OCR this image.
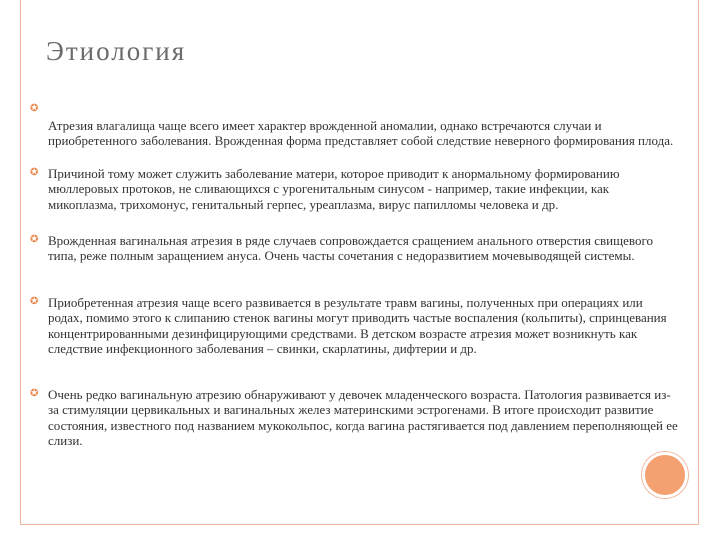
Этиология
✪
✪
✪
✪
✪
Атрезия влагалища чаще всего имеет характер врожденной аномалии, однако встречаются случаи и приобретенного заболевания. Врожденная форма представляет собой следствие неверного формирования плода.
Причиной тому может служить заболевание матери, которое приводит к анормальному формированию мюллеровых протоков, не сливающихся с урогенитальным синусом - например, такие инфекции, как микоплазма, трихомонус, генитальный герпес, уреаплазма, вирус папилломы человека и др.
Врожденная вагинальная атрезия в ряде случаев сопровождается сращением анального отверстия свищевого типа, реже полным заращением ануса. Очень часты сочетания с недоразвитием мочевыводящей системы.
Приобретенная атрезия чаще всего развивается в результате травм вагины, полученных при операциях или родах, помимо этого к слипанию стенок вагины могут приводить частые воспаления (кольпиты), спринцевания концентрированными дезинфицирующими средствами. В детском возрасте атрезия может возникнуть как следствие инфекционного заболевания – свинки, скарлатины, дифтерии и др.
Очень редко вагинальную атрезию обнаруживают у девочек младенческого возраста. Патология развивается из-за стимуляции цервикальных и вагинальных желез материнскими эстрогенами. В итоге происходит развитие состояния, известного под названием мукокольпос, когда вагина растягивается под давлением переполняющей ее слизи.
